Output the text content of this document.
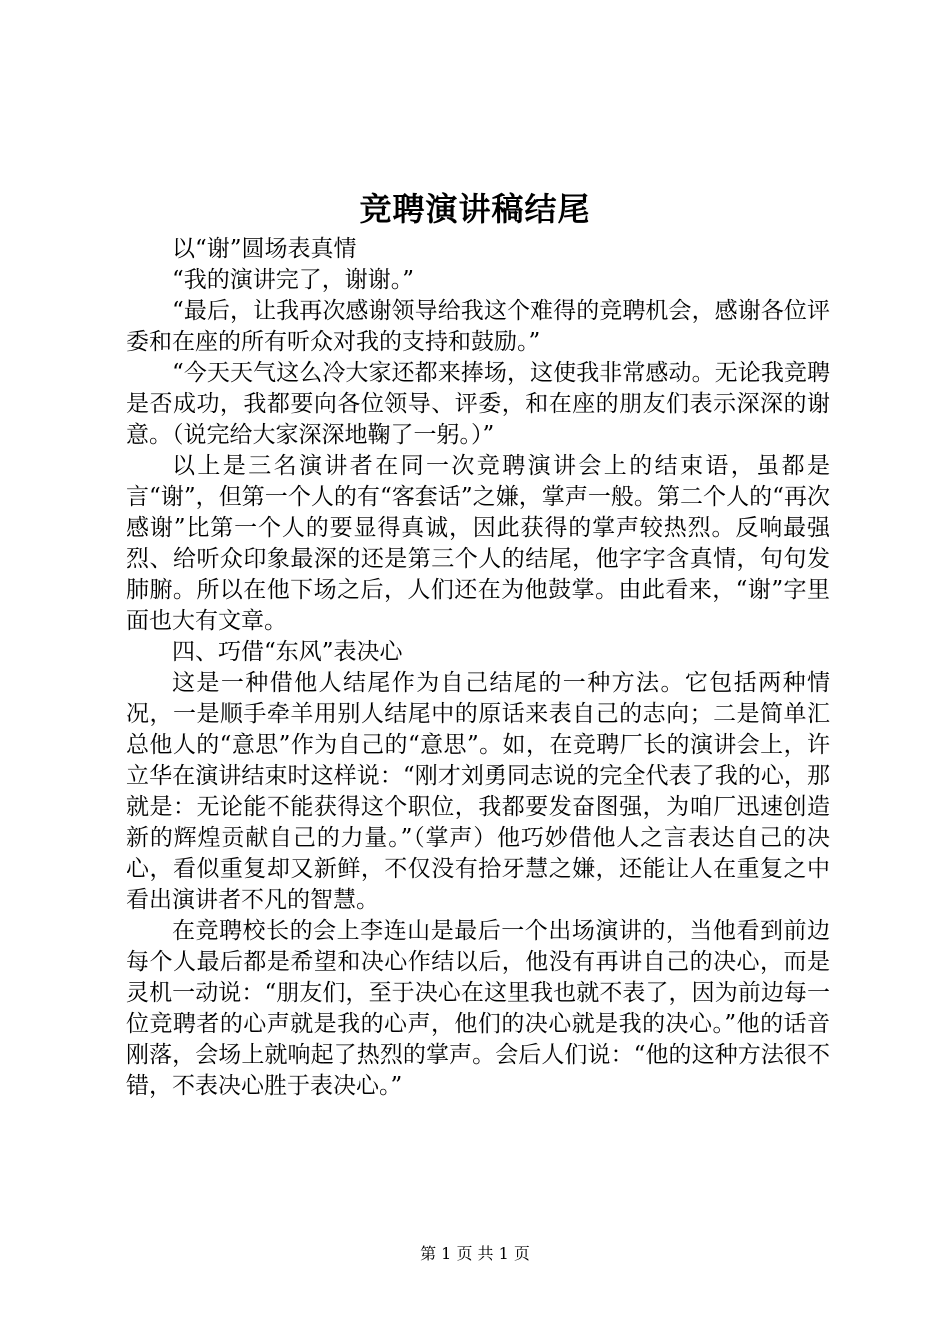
竞聘演讲稿结尾

以“谢”圆场表真情

“我的演讲完了，谢谢。”

“最后，让我再次感谢领导给我这个难得的竞聘机会，感谢各位评委和在座的所有听众对我的支持和鼓励。”

“今天天气这么冷大家还都来捧场，这使我非常感动。无论我竞聘是否成功，我都要向各位领导、评委，和在座的朋友们表示深深的谢意。（说完给大家深深地鞠了一躬。）”

以上是三名演讲者在同一次竞聘演讲会上的结束语，虽都是言“谢”，但第一个人的有“客套话”之嫌，掌声一般。第二个人的“再次感谢”比第一个人的要显得真诚，因此获得的掌声较热烈。反响最强烈、给听众印象最深的还是第三个人的结尾，他字字含真情，句句发肺腑。所以在他下场之后，人们还在为他鼓掌。由此看来，“谢”字里面也大有文章。

四、巧借“东风”表决心

这是一种借他人结尾作为自己结尾的一种方法。它包括两种情况，一是顺手牵羊用别人结尾中的原话来表自己的志向；二是简单汇总他人的“意思”作为自己的“意思”。如，在竞聘厂长的演讲会上，许立华在演讲结束时这样说：“刚才刘勇同志说的完全代表了我的心，那就是：无论能不能获得这个职位，我都要发奋图强，为咱厂迅速创造新的辉煌贡献自己的力量。”（掌声）他巧妙借他人之言表达自己的决心，看似重复却又新鲜，不仅没有拾牙慧之嫌，还能让人在重复之中看出演讲者不凡的智慧。

在竞聘校长的会上李连山是最后一个出场演讲的，当他看到前边每个人最后都是希望和决心作结以后，他没有再讲自己的决心，而是灵机一动说：“朋友们，至于决心在这里我也就不表了，因为前边每一位竞聘者的心声就是我的心声，他们的决心就是我的决心。”他的话音刚落，会场上就响起了热烈的掌声。会后人们说：“他的这种方法很不错，不表决心胜于表决心。”

第 1 页 共 1 页
